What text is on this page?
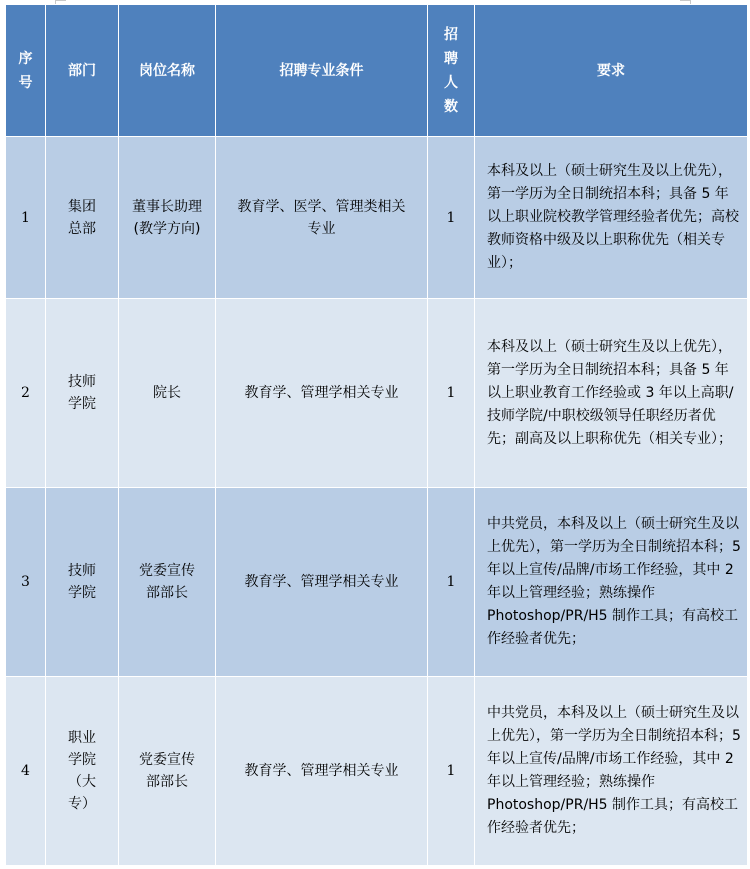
序号	部门	岗位名称	招聘专业条件	招聘人数	要求
1	集团总部	董事长助理(教学方向)	教育学、医学、管理类相关专业	1	本科及以上（硕士研究生及以上优先），第一学历为全日制统招本科；具备 5 年以上职业院校教学管理经验者优先；高校教师资格中级及以上职称优先（相关专业）；
2	技师学院	院长	教育学、管理学相关专业	1	本科及以上（硕士研究生及以上优先），第一学历为全日制统招本科；具备 5 年以上职业教育工作经验或 3 年以上高职/技师学院/中职校级领导任职经历者优先；副高及以上职称优先（相关专业）；
3	技师学院	党委宣传部部长	教育学、管理学相关专业	1	中共党员，本科及以上（硕士研究生及以上优先），第一学历为全日制统招本科；5 年以上宣传/品牌/市场工作经验，其中 2 年以上管理经验；熟练操作 Photoshop/PR/H5 制作工具；有高校工作经验者优先；
4	职业学院（大专）	党委宣传部部长	教育学、管理学相关专业	1	中共党员，本科及以上（硕士研究生及以上优先），第一学历为全日制统招本科；5 年以上宣传/品牌/市场工作经验，其中 2 年以上管理经验；熟练操作 Photoshop/PR/H5 制作工具；有高校工作经验者优先；
